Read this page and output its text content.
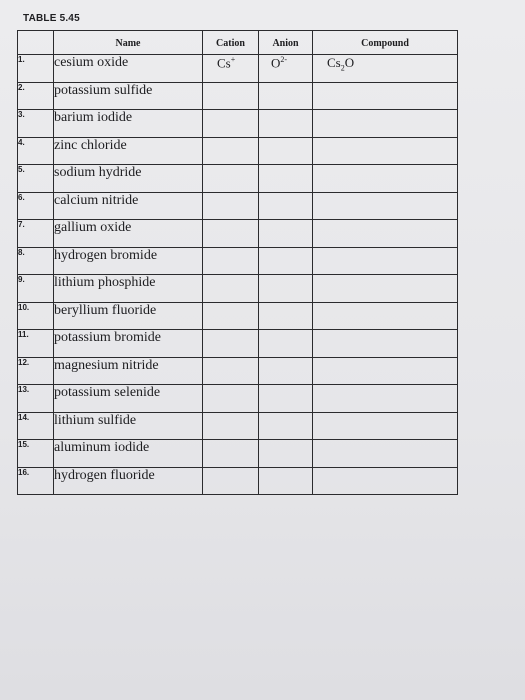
TABLE 5.45
	Name	Cation	Anion	Compound
1.	cesium oxide	Cs+	$O^{2-}$	$Cs_2O$
2.	potassium sulfide			
3.	barium iodide			
4.	zinc chloride			
5.	sodium hydride			
6.	calcium nitride			
7.	gallium oxide			
8.	hydrogen bromide			
9.	lithium phosphide			
10.	beryllium fluoride			
11.	potassium bromide			
12.	magnesium nitride			
13.	potassium selenide			
14.	lithium sulfide			
15.	aluminum iodide			
16.	hydrogen fluoride			
